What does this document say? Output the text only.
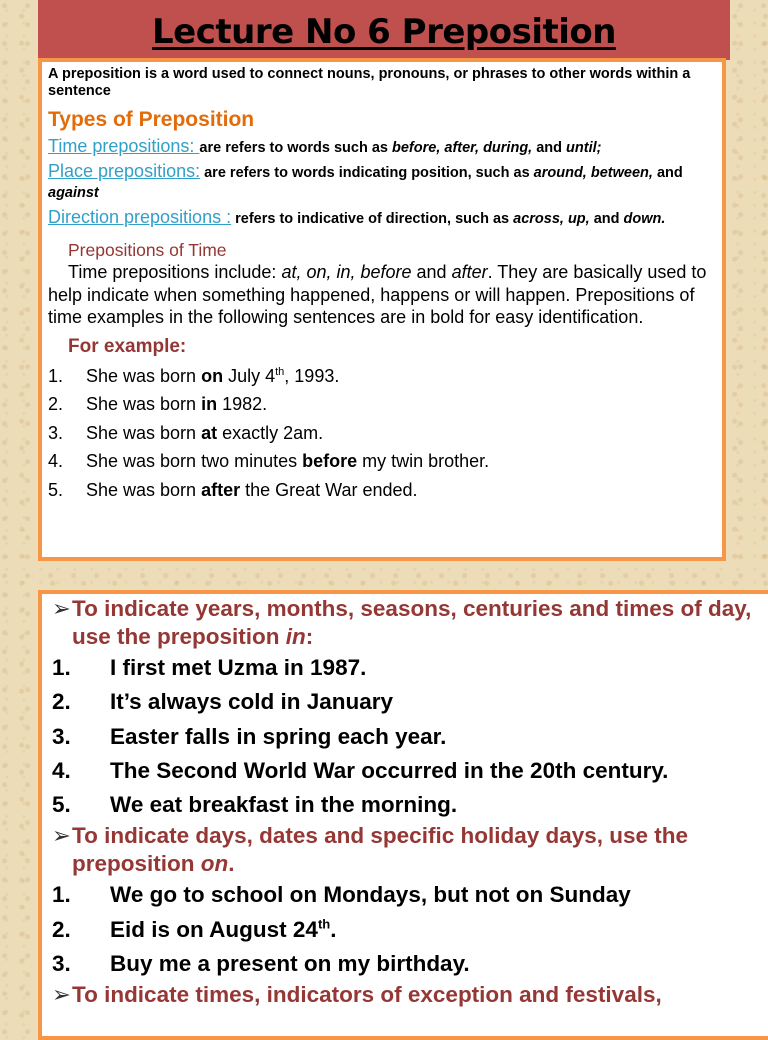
Lecture No 6 Preposition

A preposition is a word used to connect nouns, pronouns, or phrases to other words within a sentence

Types of Preposition

Time prepositions: are refers to words such as before, after, during, and until;

Place prepositions: are refers to words indicating position, such as around, between, and against

Direction prepositions : refers to indicative of direction, such as across, up, and down.

Prepositions of Time

Time prepositions include: at, on, in, before and after. They are basically used to help indicate when something happened, happens or will happen. Prepositions of time examples in the following sentences are in bold for easy identification.

For example:
1.	She was born on July 4th, 1993.
2.	She was born in 1982.
3.	She was born at exactly 2am.
4.	She was born two minutes before my twin brother.
5.	She was born after the Great War ended.

➢ To indicate years, months, seasons, centuries and times of day, use the preposition in:

1.	I first met Uzma in 1987.
2.	It’s always cold in January
3.	Easter falls in spring each year.
4.	The Second World War occurred in the 20th century.
5.	We eat breakfast in the morning.

➢ To indicate days, dates and specific holiday days, use the preposition on.

1.	We go to school on Mondays, but not on Sunday
2.	Eid is on August 24th.
3.	Buy me a present on my birthday.

➢ To indicate times, indicators of exception and festivals,
